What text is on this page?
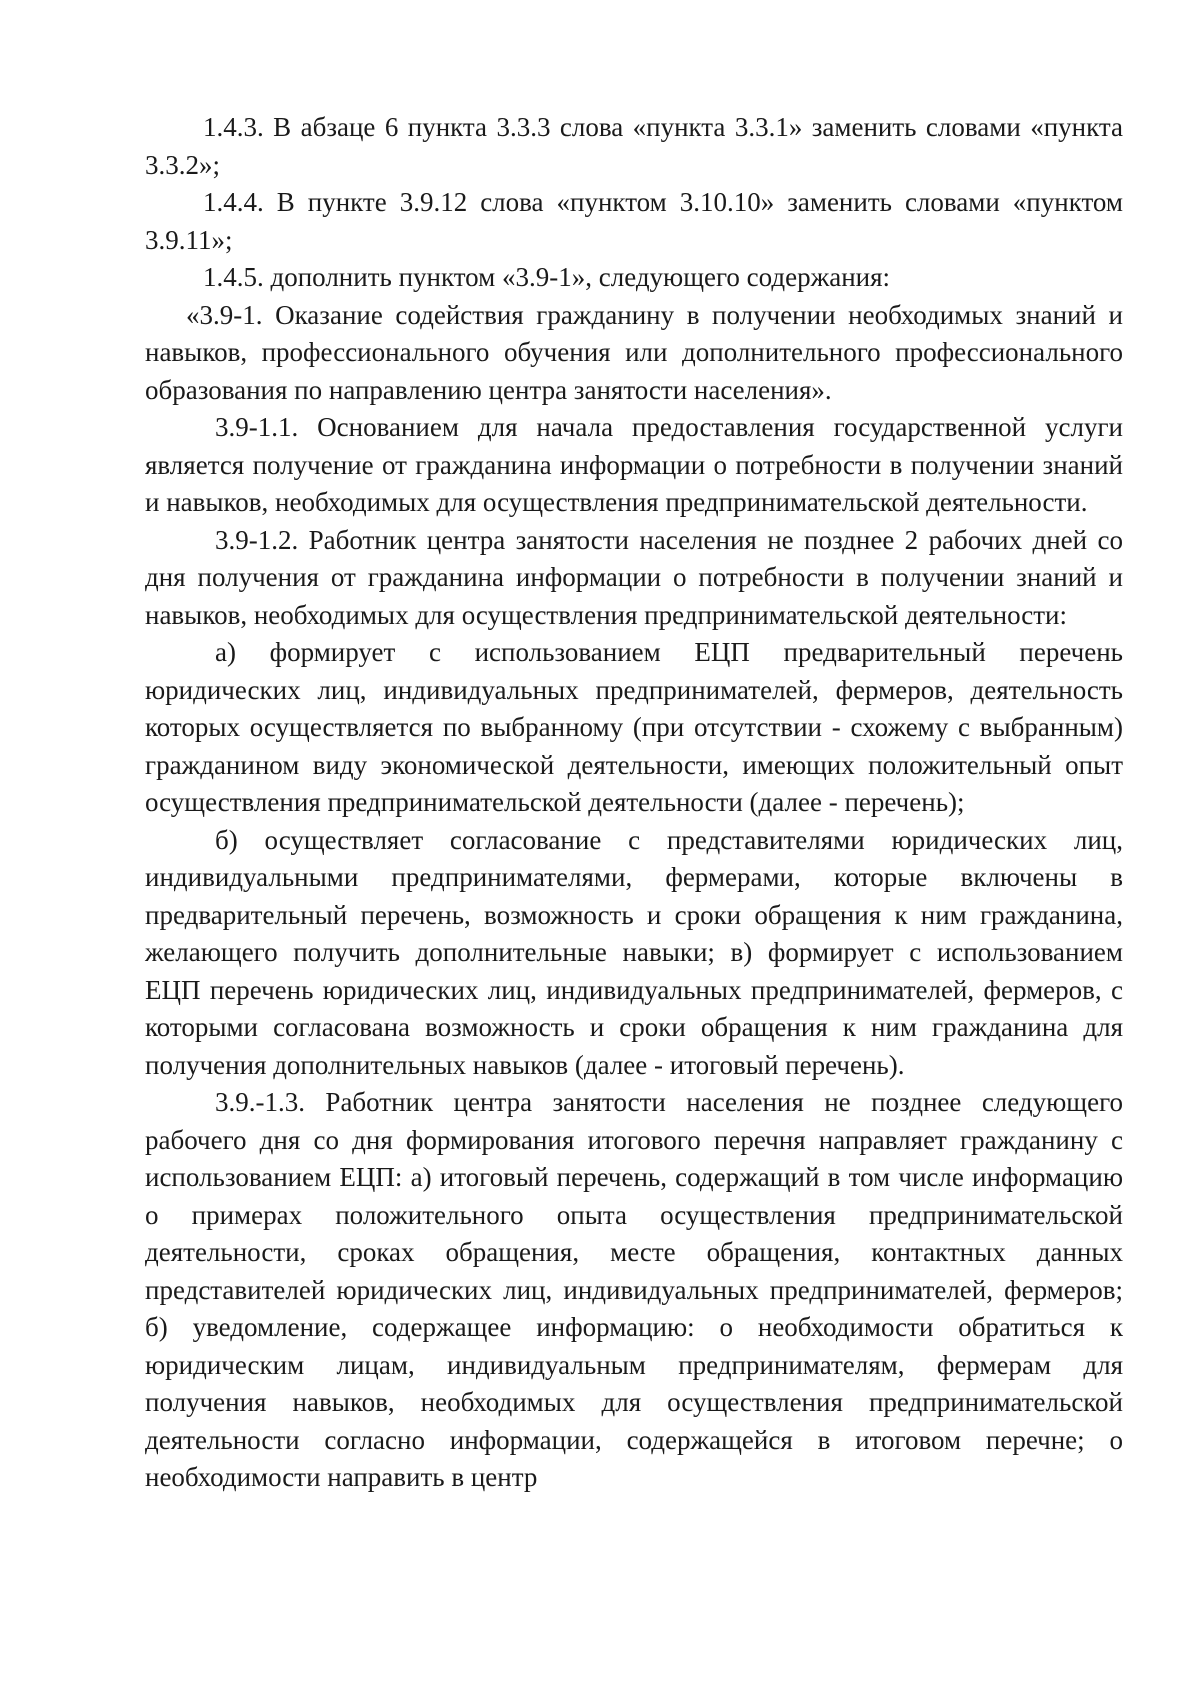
1.4.3. В абзаце 6 пункта 3.3.3 слова «пункта 3.3.1» заменить словами «пункта 3.3.2»;

1.4.4. В пункте 3.9.12 слова «пунктом 3.10.10» заменить словами «пунктом 3.9.11»;

1.4.5. дополнить пунктом «3.9-1», следующего содержания:

«3.9-1. Оказание содействия гражданину в получении необходимых знаний и навыков, профессионального обучения или дополнительного профессионального образования по направлению центра занятости населения».

3.9-1.1. Основанием для начала предоставления государственной услуги является получение от гражданина информации о потребности в получении знаний и навыков, необходимых для осуществления предпринимательской деятельности.

3.9-1.2. Работник центра занятости населения не позднее 2 рабочих дней со дня получения от гражданина информации о потребности в получении знаний и навыков, необходимых для осуществления предпринимательской деятельности:

а) формирует с использованием ЕЦП предварительный перечень юридических лиц, индивидуальных предпринимателей, фермеров, деятельность которых осуществляется по выбранному (при отсутствии - схожему с выбранным) гражданином виду экономической деятельности, имеющих положительный опыт осуществления предпринимательской деятельности (далее - перечень);

б) осуществляет согласование с представителями юридических лиц, индивидуальными предпринимателями, фермерами, которые включены в предварительный перечень, возможность и сроки обращения к ним гражданина, желающего получить дополнительные навыки; в) формирует с использованием ЕЦП перечень юридических лиц, индивидуальных предпринимателей, фермеров, с которыми согласована возможность и сроки обращения к ним гражданина для получения дополнительных навыков (далее - итоговый перечень).

3.9.-1.3. Работник центра занятости населения не позднее следующего рабочего дня со дня формирования итогового перечня направляет гражданину с использованием ЕЦП: а) итоговый перечень, содержащий в том числе информацию о примерах положительного опыта осуществления предпринимательской деятельности, сроках обращения, месте обращения, контактных данных представителей юридических лиц, индивидуальных предпринимателей, фермеров; б) уведомление, содержащее информацию: о необходимости обратиться к юридическим лицам, индивидуальным предпринимателям, фермерам для получения навыков, необходимых для осуществления предпринимательской деятельности согласно информации, содержащейся в итоговом перечне; о необходимости направить в центр
